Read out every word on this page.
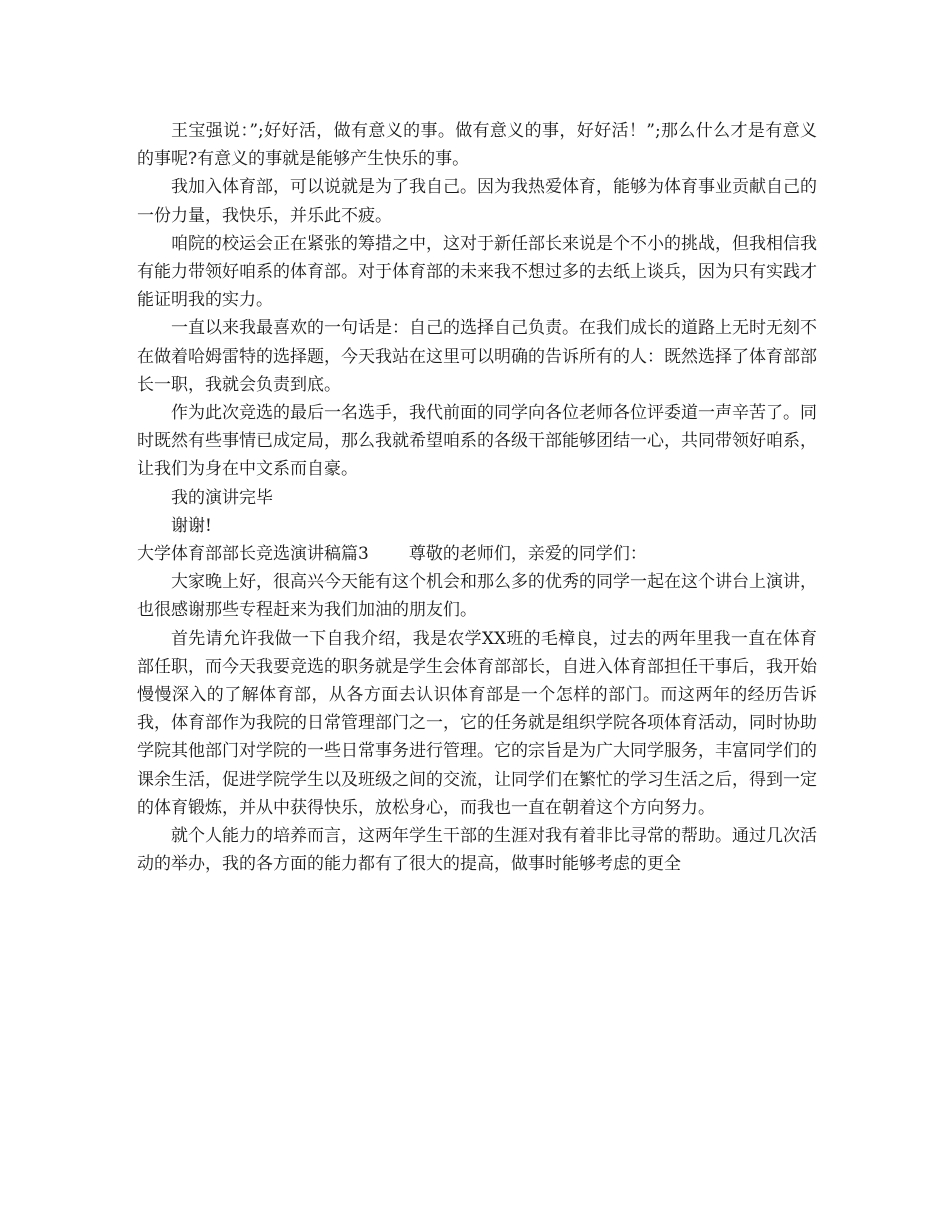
王宝强说：”;好好活，做有意义的事。做有意义的事，好好活！”;那么什么才是有意义的事呢?有意义的事就是能够产生快乐的事。

我加入体育部，可以说就是为了我自己。因为我热爱体育，能够为体育事业贡献自己的一份力量，我快乐，并乐此不疲。

咱院的校运会正在紧张的筹措之中，这对于新任部长来说是个不小的挑战，但我相信我有能力带领好咱系的体育部。对于体育部的未来我不想过多的去纸上谈兵，因为只有实践才能证明我的实力。

一直以来我最喜欢的一句话是：自己的选择自己负责。在我们成长的道路上无时无刻不在做着哈姆雷特的选择题，今天我站在这里可以明确的告诉所有的人：既然选择了体育部部长一职，我就会负责到底。

作为此次竞选的最后一名选手，我代前面的同学向各位老师各位评委道一声辛苦了。同时既然有些事情已成定局，那么我就希望咱系的各级干部能够团结一心，共同带领好咱系，让我们为身在中文系而自豪。

我的演讲完毕

谢谢!

大学体育部部长竞选演讲稿篇3 尊敬的老师们，亲爱的同学们：

大家晚上好，很高兴今天能有这个机会和那么多的优秀的同学一起在这个讲台上演讲，也很感谢那些专程赶来为我们加油的朋友们。

首先请允许我做一下自我介绍，我是农学XX班的毛樟良，过去的两年里我一直在体育部任职，而今天我要竞选的职务就是学生会体育部部长，自进入体育部担任干事后，我开始慢慢深入的了解体育部，从各方面去认识体育部是一个怎样的部门。而这两年的经历告诉我，体育部作为我院的日常管理部门之一，它的任务就是组织学院各项体育活动，同时协助学院其他部门对学院的一些日常事务进行管理。它的宗旨是为广大同学服务，丰富同学们的课余生活，促进学院学生以及班级之间的交流，让同学们在繁忙的学习生活之后，得到一定的体育锻炼，并从中获得快乐，放松身心，而我也一直在朝着这个方向努力。

就个人能力的培养而言，这两年学生干部的生涯对我有着非比寻常的帮助。通过几次活动的举办，我的各方面的能力都有了很大的提高，做事时能够考虑的更全
